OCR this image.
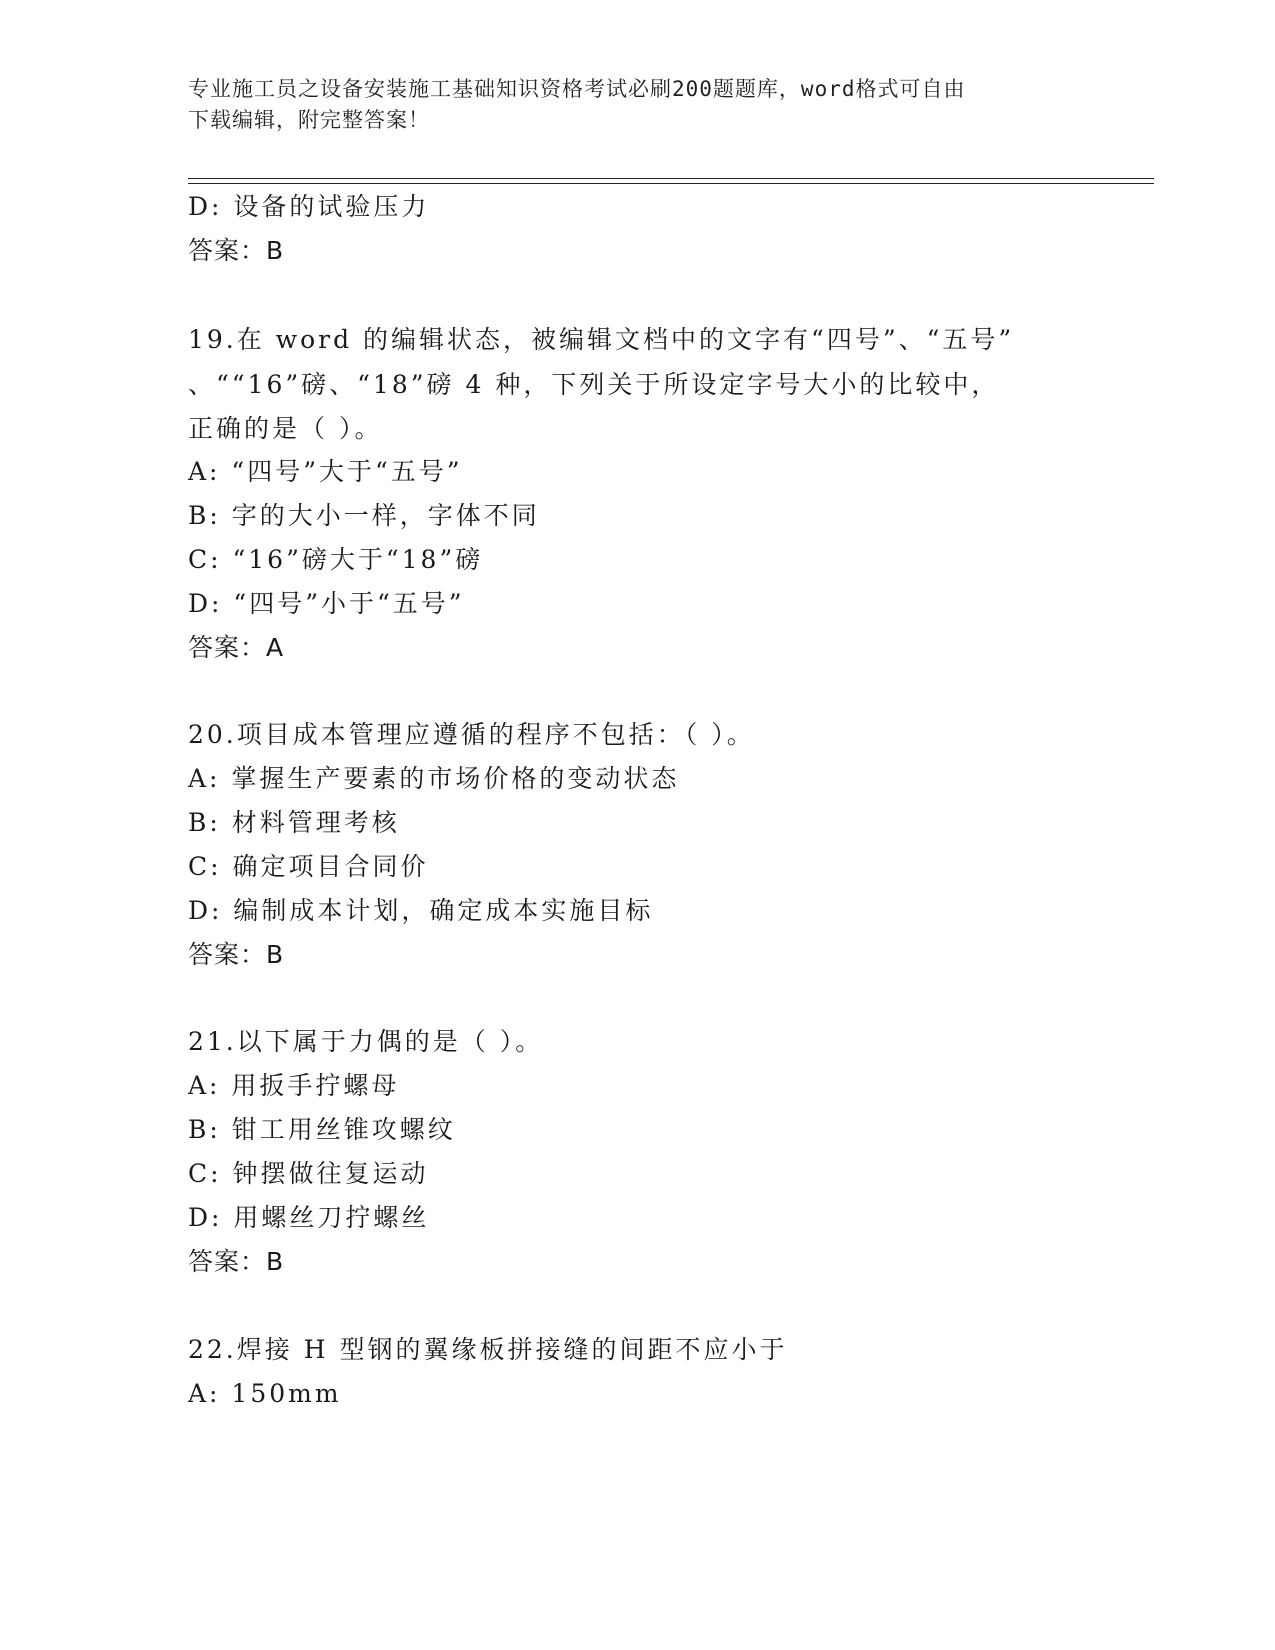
专业施工员之设备安装施工基础知识资格考试必刷200题题库，word格式可自由
下载编辑，附完整答案！
D: 设备的试验压力
答案：B
19.在 word 的编辑状态，被编辑文档中的文字有“四号”、“五号”
、““16”磅、“18”磅 4 种，下列关于所设定字号大小的比较中，
正确的是（ ）。
A: “四号”大于“五号”
B: 字的大小一样，字体不同
C: “16”磅大于“18”磅
D: “四号”小于“五号”
答案：A
20.项目成本管理应遵循的程序不包括：（ ）。
A: 掌握生产要素的市场价格的变动状态
B: 材料管理考核
C: 确定项目合同价
D: 编制成本计划，确定成本实施目标
答案：B
21.以下属于力偶的是（ ）。
A: 用扳手拧螺母
B: 钳工用丝锥攻螺纹
C: 钟摆做往复运动
D: 用螺丝刀拧螺丝
答案：B
22.焊接 H 型钢的翼缘板拼接缝的间距不应小于
A: 150mm
